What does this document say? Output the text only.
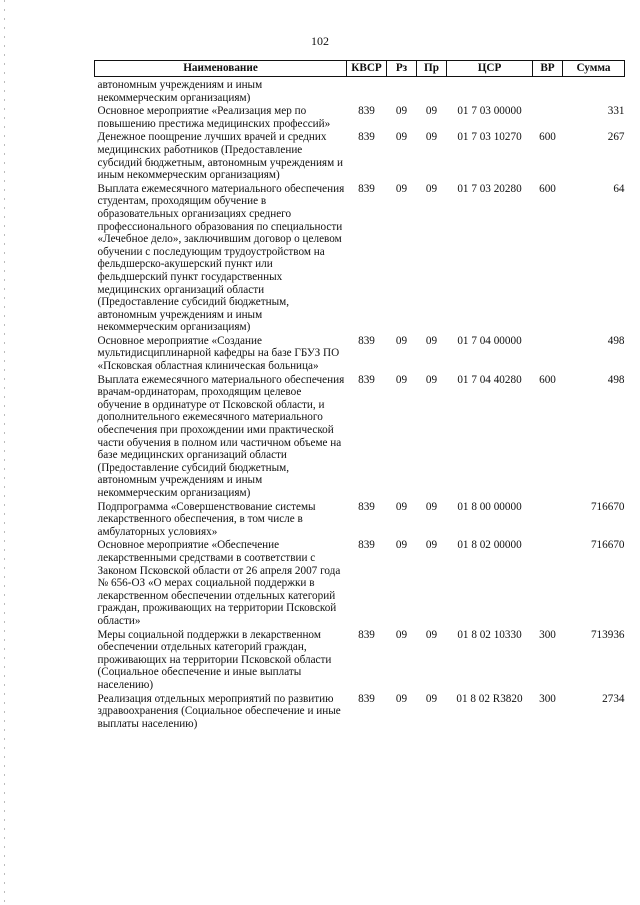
102
Наименование	КВСР	Рз	Пр	ЦСР	ВР	Сумма
автономным учреждениям и иным некоммерческим организациям)						
Основное мероприятие «Реализация мер по повышению престижа медицинских профессий»	839	09	09	01 7 03 00000		331
Денежное поощрение лучших врачей и средних медицинских работников (Предоставление субсидий бюджетным, автономным учреждениям и иным некоммерческим организациям)	839	09	09	01 7 03 10270	600	267
Выплата ежемесячного материального обеспечения студентам, проходящим обучение в образовательных организациях среднего профессионального образования по специальности «Лечебное дело», заключившим договор о целевом обучении с последующим трудоустройством на фельдшерско-акушерский пункт или фельдшерский пункт государственных медицинских организаций области (Предоставление субсидий бюджетным, автономным учреждениям и иным некоммерческим организациям)	839	09	09	01 7 03 20280	600	64
Основное мероприятие «Создание мультидисциплинарной кафедры на базе ГБУЗ ПО «Псковская областная клиническая больница»	839	09	09	01 7 04 00000		498
Выплата ежемесячного материального обеспечения врачам-ординаторам, проходящим целевое обучение в ординатуре от Псковской области, и дополнительного ежемесячного материального обеспечения при прохождении ими практической части обучения в полном или частичном объеме на базе медицинских организаций области (Предоставление субсидий бюджетным, автономным учреждениям и иным некоммерческим организациям)	839	09	09	01 7 04 40280	600	498
Подпрограмма «Совершенствование системы лекарственного обеспечения, в том числе в амбулаторных условиях»	839	09	09	01 8 00 00000		716670
Основное мероприятие «Обеспечение лекарственными средствами в соответствии с Законом Псковской области от 26 апреля 2007 года № 656-ОЗ «О мерах социальной поддержки в лекарственном обеспечении отдельных категорий граждан, проживающих на территории Псковской области»	839	09	09	01 8 02 00000		716670
Меры социальной поддержки в лекарственном обеспечении отдельных категорий граждан, проживающих на территории Псковской области (Социальное обеспечение и иные выплаты населению)	839	09	09	01 8 02 10330	300	713936
Реализация отдельных мероприятий по развитию здравоохранения (Социальное обеспечение и иные выплаты населению)	839	09	09	01 8 02 R3820	300	2734
